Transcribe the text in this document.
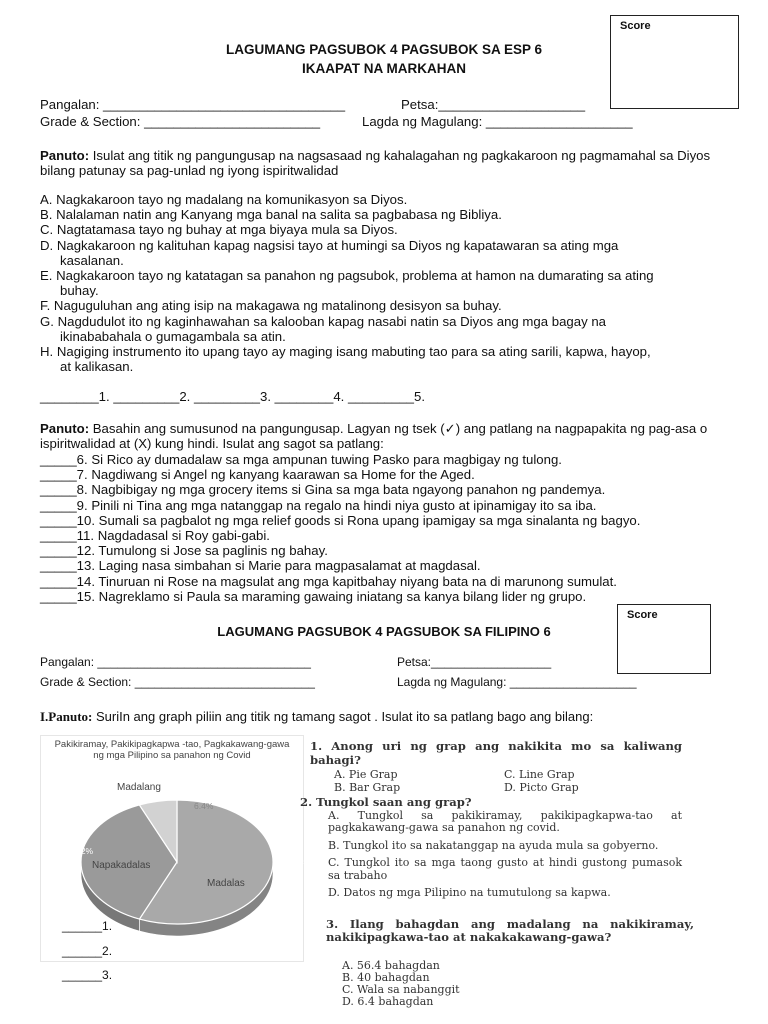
Score
LAGUMANG PAGSUBOK 4 PAGSUBOK SA ESP 6
IKAAPAT NA MARKAHAN
Pangalan: _________________________________	Petsa:____________________
Grade & Section: ________________________	Lagda ng Magulang: ____________________
Panuto: Isulat ang titik ng pangungusap na nagsasaad ng kahalagahan ng pagkakaroon ng pagmamahal sa Diyos bilang patunay sa pag-unlad ng iyong ispiritwalidad
A. Nagkakaroon tayo ng madalang na komunikasyon sa Diyos.
B. Nalalaman natin ang Kanyang mga banal na salita sa pagbabasa ng Bibliya.
C. Nagtatamasa tayo ng buhay at mga biyaya mula sa Diyos.
D. Nagkakaroon ng kalituhan kapag nagsisi tayo at humingi sa Diyos ng kapatawaran sa ating mga
kasalanan.
E. Nagkakaroon tayo ng katatagan sa panahon ng pagsubok, problema at hamon na dumarating sa ating
buhay.
F. Naguguluhan ang ating isip na makagawa ng matalinong desisyon sa buhay.
G. Nagdudulot ito ng kaginhawahan sa kalooban kapag nasabi natin sa Diyos ang mga bagay na
ikinababahala o gumagambala sa atin.
H. Nagiging instrumento ito upang tayo ay maging isang mabuting tao para sa ating sarili, kapwa, hayop,
at kalikasan.
________1. _________2. _________3. ________4. _________5.
Panuto: Basahin ang sumusunod na pangungusap. Lagyan ng tsek (✓) ang patlang na nagpapakita ng pag-asa o ispiritwalidad at (X) kung hindi. Isulat ang sagot sa patlang:
_____6. Si Rico ay dumadalaw sa mga ampunan tuwing Pasko para magbigay ng tulong.
_____7. Nagdiwang si Angel ng kanyang kaarawan sa Home for the Aged.
_____8. Nagbibigay ng mga grocery items si Gina sa mga bata ngayong panahon ng pandemya.
_____9. Pinili ni Tina ang mga natanggap na regalo na hindi niya gusto at ipinamigay ito sa iba.
_____10. Sumali sa pagbalot ng mga relief goods si Rona upang ipamigay sa mga sinalanta ng bagyo.
_____11. Nagdadasal si Roy gabi-gabi.
_____12. Tumulong si Jose sa paglinis ng bahay.
_____13. Laging nasa simbahan si Marie para magpasalamat at magdasal.
_____14. Tinuruan ni Rose na magsulat ang mga kapitbahay niyang bata na di marunong sumulat.
_____15. Nagreklamo si Paula sa maraming gawaing iniatang sa kanya bilang lider ng grupo.
Score
LAGUMANG PAGSUBOK 4 PAGSUBOK SA FILIPINO 6
Pangalan: ________________________________	Petsa:__________________
Grade & Section: ___________________________	Lagda ng Magulang: ___________________
I.Panuto: SuriIn ang graph piliin ang titik ng tamang sagot . Isulat ito sa patlang bago ang bilang:
Pakikiramay, Pakikipagkapwa -tao, Pagkakawang-gawa ng mga Pilipino sa panahon ng Covid
Madalas
56.4%
Napakadalas
37.2%
Madalang
6.4%
______1.
______2.
______3.
1. Anong uri ng grap ang nakikita mo sa kaliwang bahagi?
A. Pie Grap	C. Line Grap
B. Bar Grap	D. Picto Grap
2. Tungkol saan ang grap?
A. Tungkol sa pakikiramay, pakikipagkapwa-tao at pagkakawang-gawa sa panahon ng covid.
B. Tungkol ito sa nakatanggap na ayuda mula sa gobyerno.
C. Tungkol ito sa mga taong gusto at hindi gustong pumasok sa trabaho
D. Datos ng mga Pilipino na tumutulong sa kapwa.
3. Ilang bahagdan ang madalang na nakikiramay, nakikipagkawa-tao at nakakakawang-gawa?
A. 56.4 bahagdan
B. 40 bahagdan
C. Wala sa nabanggit
D. 6.4 bahagdan
